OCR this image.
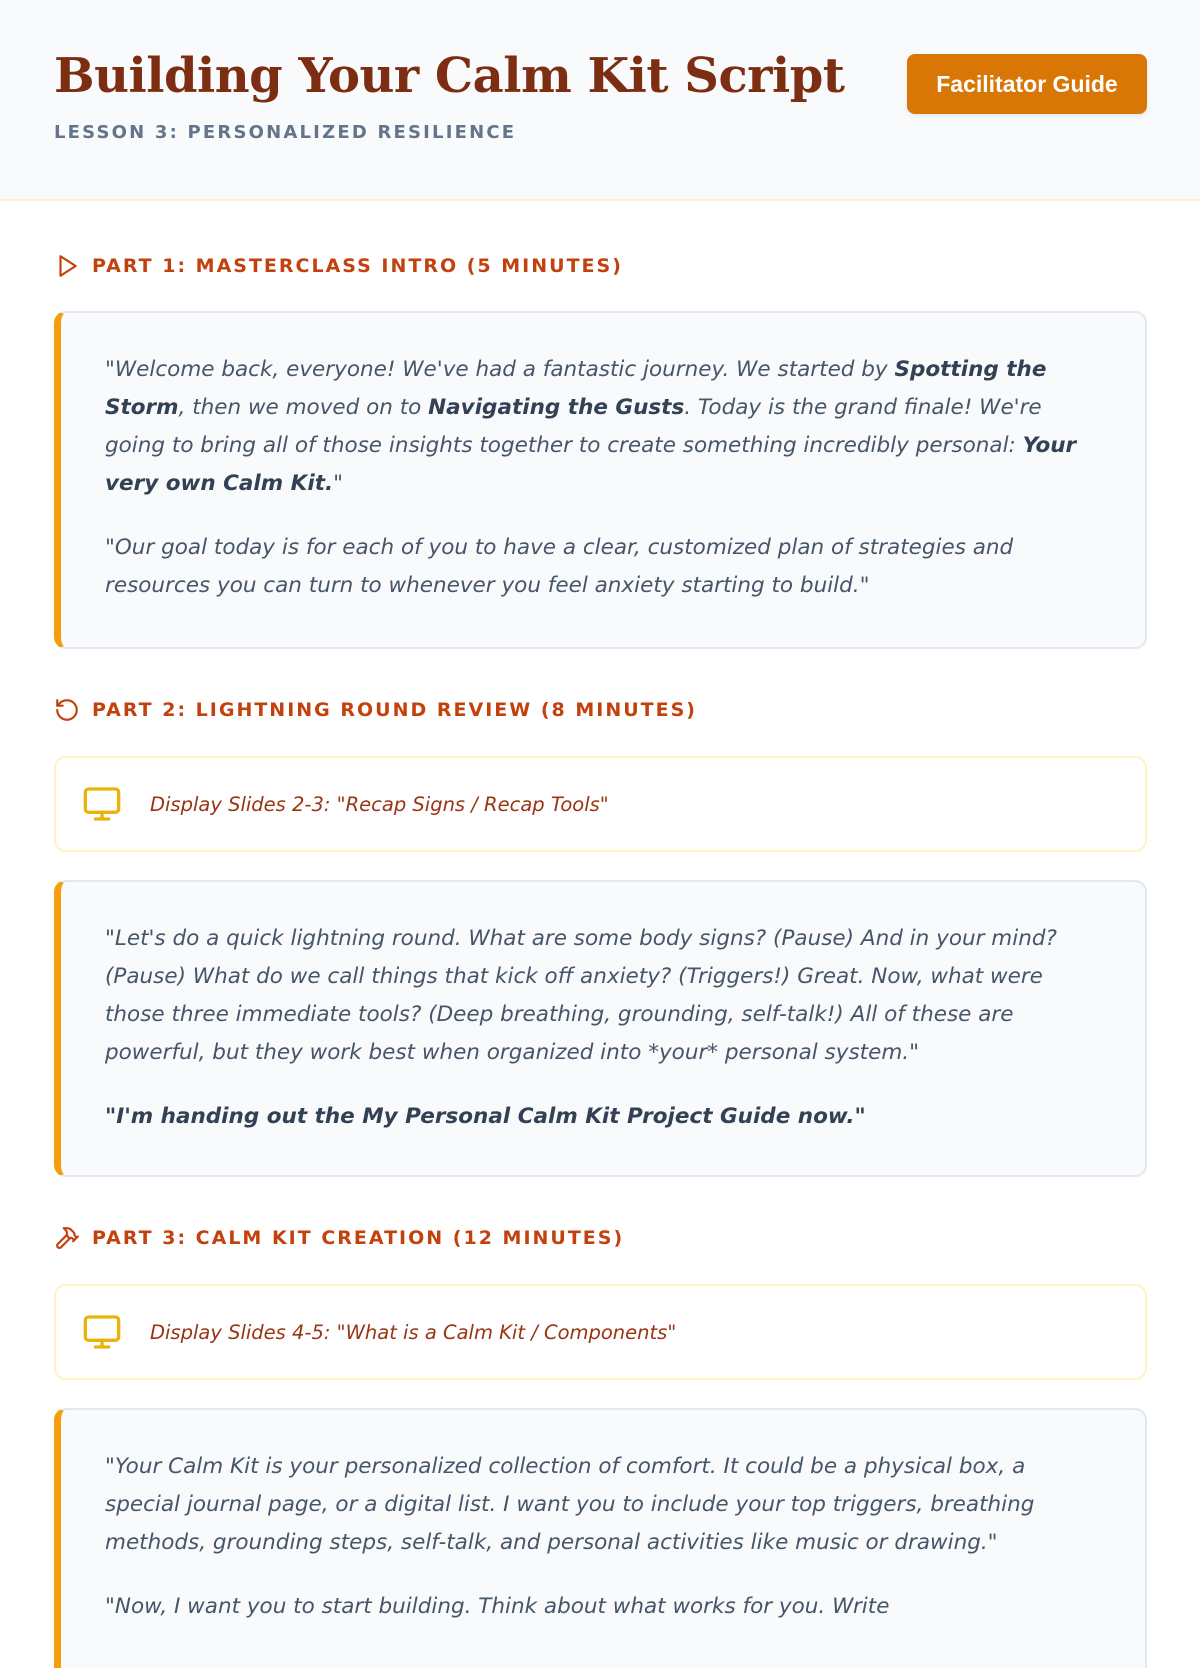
Building Your Calm Kit Script
LESSON 3: PERSONALIZED RESILIENCE
Facilitator Guide
PART 1: MASTERCLASS INTRO (5 MINUTES)

"Welcome back, everyone! We've had a fantastic journey. We started by Spotting the Storm, then we moved on to Navigating the Gusts. Today is the grand finale! We're going to bring all of those insights together to create something incredibly personal: Your very own Calm Kit."

"Our goal today is for each of you to have a clear, customized plan of strategies and resources you can turn to whenever you feel anxiety starting to build."

PART 2: LIGHTNING ROUND REVIEW (8 MINUTES)
Display Slides 2-3: "Recap Signs / Recap Tools"

"Let's do a quick lightning round. What are some body signs? (Pause) And in your mind? (Pause) What do we call things that kick off anxiety? (Triggers!) Great. Now, what were those three immediate tools? (Deep breathing, grounding, self-talk!) All of these are powerful, but they work best when organized into *your* personal system."

"I'm handing out the My Personal Calm Kit Project Guide now."

PART 3: CALM KIT CREATION (12 MINUTES)
Display Slides 4-5: "What is a Calm Kit / Components"

"Your Calm Kit is your personalized collection of comfort. It could be a physical box, a special journal page, or a digital list. I want you to include your top triggers, breathing methods, grounding steps, self-talk, and personal activities like music or drawing."

"Now, I want you to start building. Think about what works for you. Write
